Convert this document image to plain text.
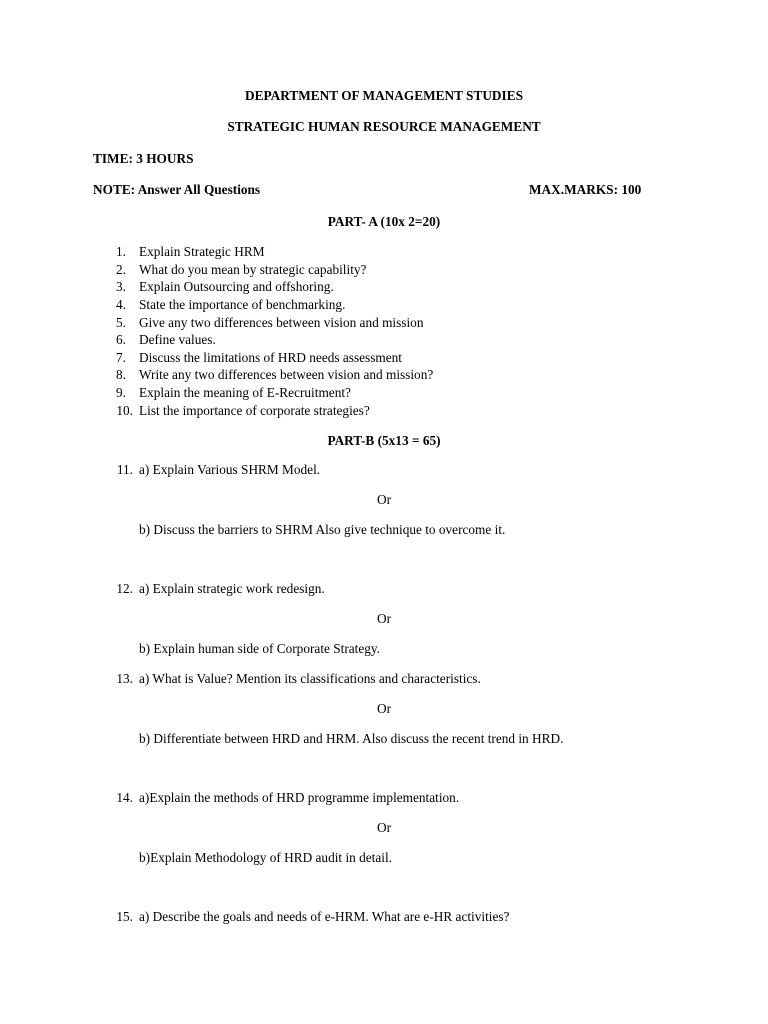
DEPARTMENT OF MANAGEMENT STUDIES
STRATEGIC HUMAN RESOURCE MANAGEMENT
TIME: 3 HOURS
NOTE: Answer All Questions	MAX.MARKS: 100
PART- A (10x 2=20)
1. Explain Strategic HRM
2. What do you mean by strategic capability?
3. Explain Outsourcing and offshoring.
4. State the importance of benchmarking.
5. Give any two differences between vision and mission
6. Define values.
7. Discuss the limitations of HRD needs assessment
8. Write any two differences between vision and mission?
9. Explain the meaning of E-Recruitment?
10. List the importance of corporate strategies?
PART-B (5x13 = 65)
11. a) Explain Various SHRM Model.
Or
b) Discuss the barriers to SHRM Also give technique to overcome it.
12. a) Explain strategic work redesign.
Or
b) Explain human side of Corporate Strategy.
13. a) What is Value? Mention its classifications and characteristics.
Or
b) Differentiate between HRD and HRM. Also discuss the recent trend in HRD.
14. a)Explain the methods of HRD programme implementation.
Or
b)Explain Methodology of HRD audit in detail.
15. a) Describe the goals and needs of e-HRM. What are e-HR activities?
